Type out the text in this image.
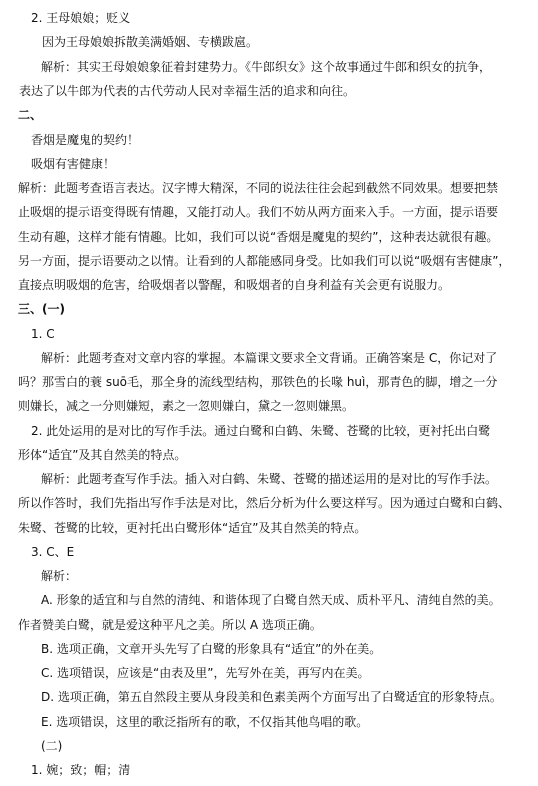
2. 王母娘娘；贬义
因为王母娘娘拆散美满婚姻、专横跋扈。
解析：其实王母娘娘象征着封建势力。《牛郎织女》这个故事通过牛郎和织女的抗争，
表达了以牛郎为代表的古代劳动人民对幸福生活的追求和向往。
二、
香烟是魔鬼的契约！
吸烟有害健康！
解析：此题考查语言表达。汉字博大精深，不同的说法往往会起到截然不同效果。想要把禁
止吸烟的提示语变得既有情趣，又能打动人。我们不妨从两方面来入手。一方面，提示语要
生动有趣，这样才能有情趣。比如，我们可以说“香烟是魔鬼的契约”，这种表达就很有趣。
另一方面，提示语要动之以情。让看到的人都能感同身受。比如我们可以说“吸烟有害健康”，
直接点明吸烟的危害，给吸烟者以警醒，和吸烟者的自身利益有关会更有说服力。
三、(一)
1. C
解析：此题考查对文章内容的掌握。本篇课文要求全文背诵。正确答案是 C，你记对了
吗？那雪白的蓑 suō毛，那全身的流线型结构，那铁色的长喙 huì，那青色的脚，增之一分
则嫌长，减之一分则嫌短，素之一忽则嫌白，黛之一忽则嫌黑。
2. 此处运用的是对比的写作手法。通过白鹭和白鹤、朱鹭、苍鹭的比较，更衬托出白鹭
形体“适宜”及其自然美的特点。
解析：此题考查写作手法。插入对白鹤、朱鹭、苍鹭的描述运用的是对比的写作手法。
所以作答时，我们先指出写作手法是对比，然后分析为什么要这样写。因为通过白鹭和白鹤、
朱鹭、苍鹭的比较，更衬托出白鹭形体“适宜”及其自然美的特点。
3. C、E
解析：
A. 形象的适宜和与自然的清纯、和谐体现了白鹭自然天成、质朴平凡、清纯自然的美。
作者赞美白鹭，就是爱这种平凡之美。所以 A 选项正确。
B. 选项正确，文章开头先写了白鹭的形象具有“适宜”的外在美。
C. 选项错误，应该是“由表及里”，先写外在美，再写内在美。
D. 选项正确，第五自然段主要从身段美和色素美两个方面写出了白鹭适宜的形象特点。
E. 选项错误，这里的歌泛指所有的歌，不仅指其他鸟唱的歌。
(二)
1. 婉；致；帽；清
